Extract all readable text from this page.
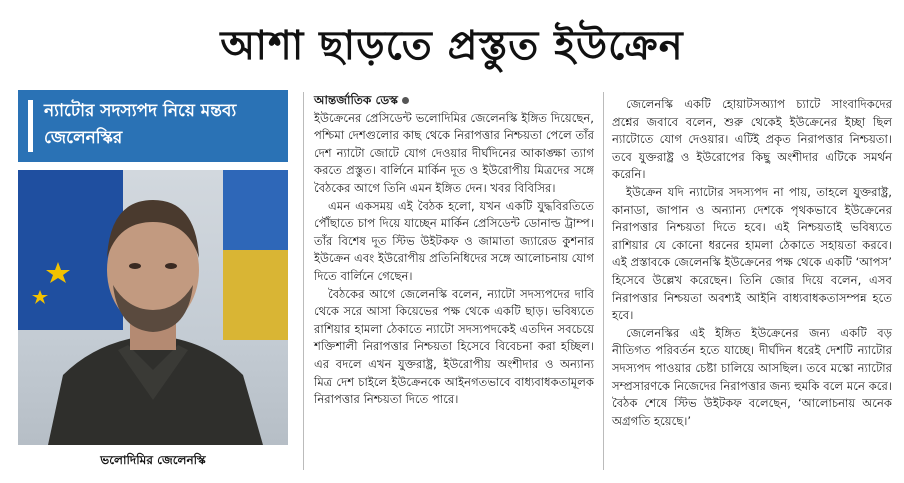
আশা ছাড়তে প্রস্তুত ইউক্রেন
ন্যাটোর সদস্যপদ নিয়ে মন্তব্য জেলেনস্কির
ভলোদিমির জেলেনস্কি
আন্তর্জাতিক ডেস্ক

ইউক্রেনের প্রেসিডেন্ট ভলোদিমির জেলেনস্কি ইঙ্গিত দিয়েছেন, পশ্চিমা দেশগুলোর কাছ থেকে নিরাপত্তার নিশ্চয়তা পেলে তাঁর দেশ ন্যাটো জোটে যোগ দেওয়ার দীর্ঘদিনের আকাঙ্ক্ষা ত্যাগ করতে প্রস্তুত। বার্লিনে মার্কিন দূত ও ইউরোপীয় মিত্রদের সঙ্গে বৈঠকের আগে তিনি এমন ইঙ্গিত দেন। খবর বিবিসির।

এমন একসময় এই বৈঠক হলো, যখন একটি যুদ্ধবিরতিতে পৌঁছাতে চাপ দিয়ে যাচ্ছেন মার্কিন প্রেসিডেন্ট ডোনাল্ড ট্রাম্প। তাঁর বিশেষ দূত স্টিভ উইটকফ ও জামাতা জ্যারেড কুশনার ইউক্রেন এবং ইউরোপীয় প্রতিনিধিদের সঙ্গে আলোচনায় যোগ দিতে বার্লিনে গেছেন।

বৈঠকের আগে জেলেনস্কি বলেন, ন্যাটো সদস্যপদের দাবি থেকে সরে আসা কিয়েভের পক্ষ থেকে একটি ছাড়। ভবিষ্যতে রাশিয়ার হামলা ঠেকাতে ন্যাটো সদস্যপদকেই এতদিন সবচেয়ে শক্তিশালী নিরাপত্তার নিশ্চয়তা হিসেবে বিবেচনা করা হচ্ছিল। এর বদলে এখন যুক্তরাষ্ট্র, ইউরোপীয় অংশীদার ও অন্যান্য মিত্র দেশ চাইলে ইউক্রেনকে আইনগতভাবে বাধ্যবাধকতামূলক নিরাপত্তার নিশ্চয়তা দিতে পারে।

জেলেনস্কি একটি হোয়াটসঅ্যাপ চ্যাটে সাংবাদিকদের প্রশ্নের জবাবে বলেন, শুরু থেকেই ইউক্রেনের ইচ্ছা ছিল ন্যাটোতে যোগ দেওয়ার। এটিই প্রকৃত নিরাপত্তার নিশ্চয়তা। তবে যুক্তরাষ্ট্র ও ইউরোপের কিছু অংশীদার এটিকে সমর্থন করেনি।

ইউক্রেন যদি ন্যাটোর সদস্যপদ না পায়, তাহলে যুক্তরাষ্ট্র, কানাডা, জাপান ও অন্যান্য দেশকে পৃথকভাবে ইউক্রেনের নিরাপত্তার নিশ্চয়তা দিতে হবে। এই নিশ্চয়তাই ভবিষ্যতে রাশিয়ার যে কোনো ধরনের হামলা ঠেকাতে সহায়তা করবে। এই প্রস্তাবকে জেলেনস্কি ইউক্রেনের পক্ষ থেকে একটি ‘আপস’ হিসেবে উল্লেখ করেছেন। তিনি জোর দিয়ে বলেন, এসব নিরাপত্তার নিশ্চয়তা অবশ্যই আইনি বাধ্যবাধকতাসম্পন্ন হতে হবে।

জেলেনস্কির এই ইঙ্গিত ইউক্রেনের জন্য একটি বড় নীতিগত পরিবর্তন হতে যাচ্ছে। দীর্ঘদিন ধরেই দেশটি ন্যাটোর সদস্যপদ পাওয়ার চেষ্টা চালিয়ে আসছিল। তবে মস্কো ন্যাটোর সম্প্রসারণকে নিজেদের নিরাপত্তার জন্য হুমকি বলে মনে করে। বৈঠক শেষে স্টিভ উইটকফ বলেছেন, ‘আলোচনায় অনেক অগ্রগতি হয়েছে।’
